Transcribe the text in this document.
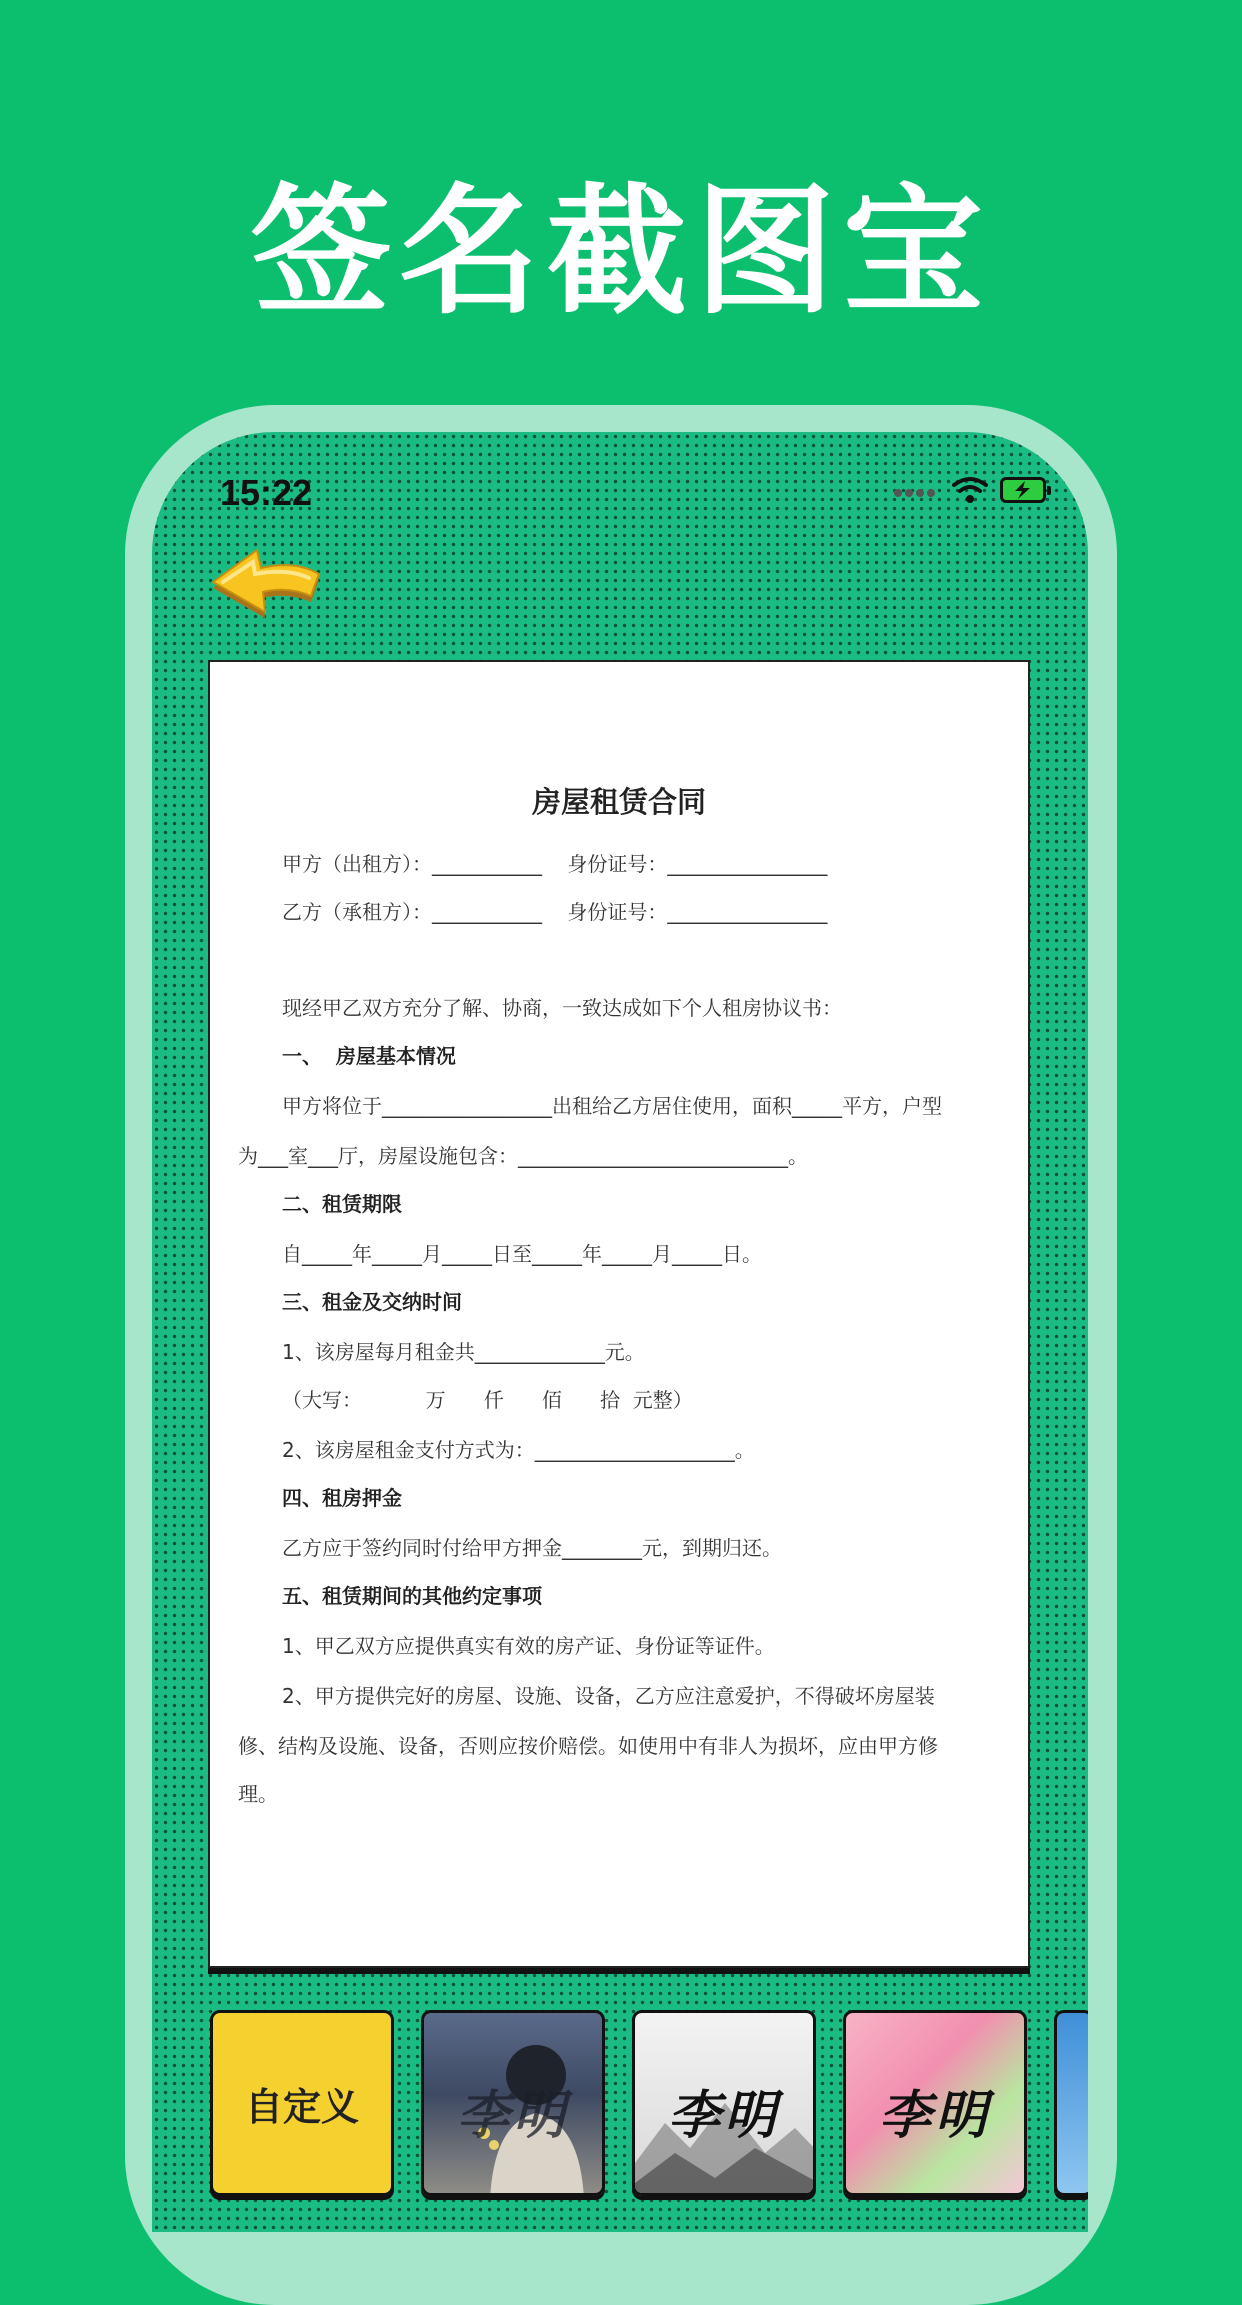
签名截图宝
15:22
房屋租赁合同
甲方（出租方）：___________    身份证号：________________
乙方（承租方）：___________    身份证号：________________
现经甲乙双方充分了解、协商，一致达成如下个人租房协议书：
一、  房屋基本情况
甲方将位于_________________出租给乙方居住使用，面积_____平方，户型
为___室___厅，房屋设施包含：___________________________。
二、租赁期限
自_____年_____月_____日至_____年_____月_____日。
三、租金及交纳时间
1、该房屋每月租金共_____________元。
（大写：          万      仟      佰      拾  元整）
2、该房屋租金支付方式为：____________________。
四、租房押金
乙方应于签约同时付给甲方押金________元，到期归还。
五、租赁期间的其他约定事项
1、甲乙双方应提供真实有效的房产证、身份证等证件。
2、甲方提供完好的房屋、设施、设备，乙方应注意爱护，不得破坏房屋装
修、结构及设施、设备，否则应按价赔偿。如使用中有非人为损坏，应由甲方修
理。
自定义	李明	李明	李明
